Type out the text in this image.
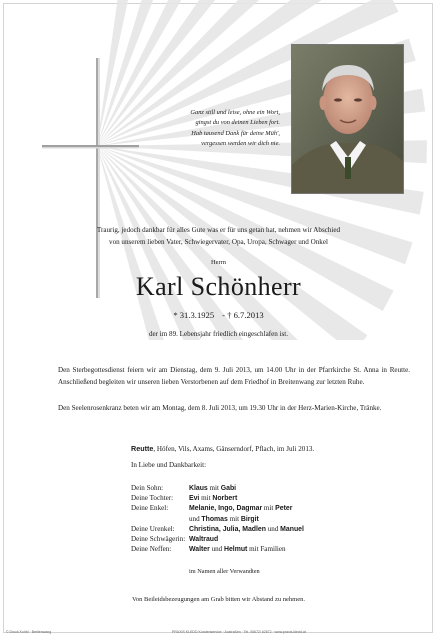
Ganz still und leise, ohne ein Wort,
gingst du von deinen Lieben fort.
Hab tausend Dank für deine Müh',
vergessen werden wir dich nie.
Traurig, jedoch dankbar für alles Gute was er für uns getan hat, nehmen wir Abschied
von unserem lieben Vater, Schwiegervater, Opa, Uropa, Schwager und Onkel
Herrn
Karl Schönherr
* 31.3.1925 - † 6.7.2013
der im 89. Lebensjahr friedlich eingeschlafen ist.
Den Sterbegottesdienst feiern wir am Dienstag, dem 9. Juli 2013, um 14.00 Uhr in der Pfarrkirche St. Anna in Reutte. Anschließend begleiten wir unseren lieben Verstorbenen auf dem Friedhof in Breitenwang zur letzten Ruhe.
Den Seelenrosenkranz beten wir am Montag, dem 8. Juli 2013, um 19.30 Uhr in der Herz-Marien-Kirche, Tränke.
Reutte, Höfen, Vils, Axams, Gänserndorf, Pflach, im Juli 2013.
In Liebe und Dankbarkeit:
Dein Sohn:	Klaus mit Gabi
Deine Tochter: Evi mit Norbert
Deine Enkel:	Melanie, Ingo, Dagmar mit Peter
und Thomas mit Birgit
Deine Urenkel: Christina, Julia, Madlen und Manuel
Deine Schwägerin: Waltraud
Deine Neffen:	Walter und Helmut mit Familien
im Namen aller Verwandten
Von Beileidsbezeugungen am Grab bitten wir Abstand zu nehmen.
© Druck Kolrbl · Breitenwang	PRAXIS KLEDD Kundenservice · Austraßen · Tel. 05672/ 62672 · www.praxis-kledd.at
